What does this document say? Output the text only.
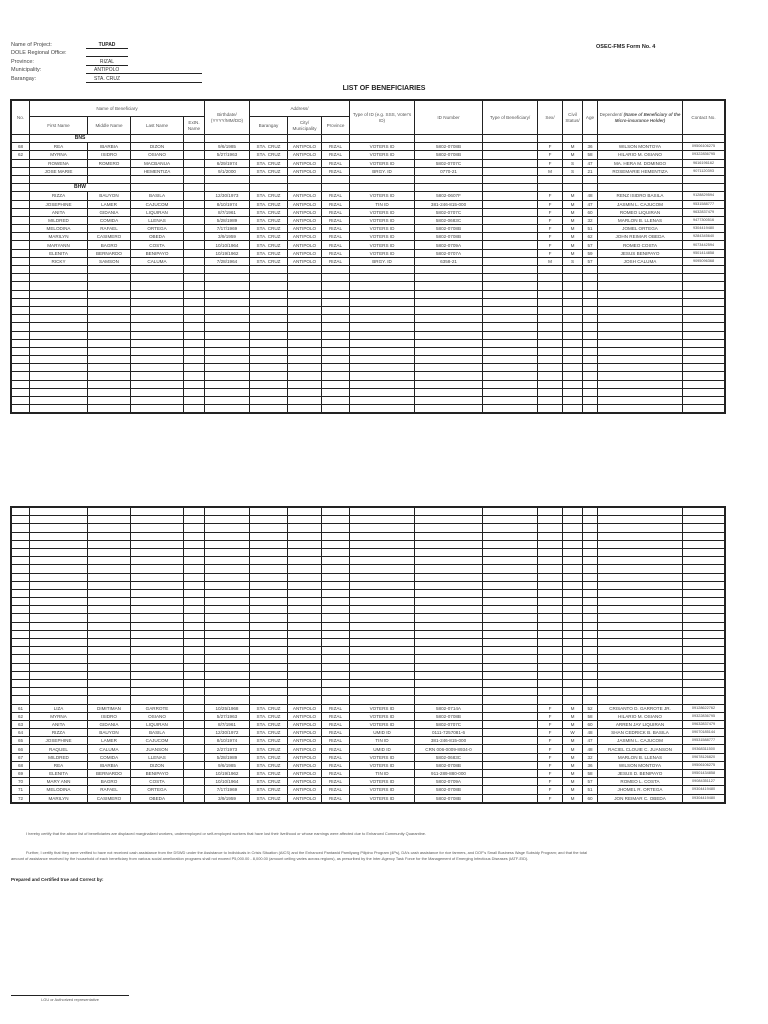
Name of Project:	TUPAD
DOLE Regional Office:
Province:	RIZAL
Municipality:	ANTIPOLO
Barangay:	STA. CRUZ
OSEC-FMS Form No. 4
LIST OF BENEFICIARIES
No.	Name of Beneficiary				Birthdate/ (YYYY/MM/DD)	Address/			Type of ID (e.g. SSS, Voter's ID)	ID Number	Type of Beneficiary/	Sex/	Civil Status/	Age	Dependent/ (Name of Beneficiary of the Micro-insurance Holder)	Contact No.
	First Name	Middle Name	Last Name	ExtN. Name		Barangay	City/ Municipality	Province								
	BNS															
68	REA	IBARBIA	DIZON		9/6/1985	STA. CRUZ	ANTIPOLO	RIZAL	VOTERS ID	5802-0708B		F	M	36	WILSON MONTOYA	09506106275
62	MYRNA	ISIDRO	OSIANO		5/27/1963	STA. CRUZ	ANTIPOLO	RIZAL	VOTERS ID	5802-0708B		F	M	58	HILARIO M. OSIANO	09322836795
	ROWENA	ROMERO	MACBANUA		6/29/1974	STA. CRUZ	ANTIPOLO	RIZAL	VOTERS ID	5802-0707C		F	S	47	MA. HERA M. DOMINGO	9616196162
	JOSE MARIE		HEMENTIZA		9/1/2000	STA. CRUZ	ANTIPOLO	RIZAL	BRGY. ID	0770-21		M	S	21	ROSEMARIE HEMENTIZA	9071120393

	BHW															
	RIZZA	BAUYON	BASILA		12/30/1973	STA. CRUZ	ANTIPOLO	RIZAL	VOTERS ID	5802-0607F		F	M	48	RENZ ISIDRO BASILA	9128829594
	JOSEPHINE	LAMER	CAJUCOM		8/10/1974	STA. CRUZ	ANTIPOLO	RIZAL	TIN ID	381-246-815-000		F	M	47	JASMIN L. CAJUCOM	9531588777
	ANITA	GIDANIA	LIQUIRAN		8/7/1961	STA. CRUZ	ANTIPOLO	RIZAL	VOTERS ID	5802-0707C		F	M	60	ROMEO LIQUIRAN	9632837479
	MILDRED	COMIDA	LLENAS		5/28/1989	STA. CRUZ	ANTIPOLO	RIZAL	VOTERS ID	5802-0683C		F	M	32	MARLON B. LLENAS	9477300516
	MELODINA	RAFAEL	ORTEGA		7/17/1969	STA. CRUZ	ANTIPOLO	RIZAL	VOTERS ID	5802-0708B		F	M	51	JOMEL ORTEGA	9304419480
	MARILYN	CASIMERO	OBEDA		3/9/1959	STA. CRUZ	ANTIPOLO	RIZAL	VOTERS ID	5802-0708B		F	M	62	JOHN REIMAR OBEDA	9284345640
	MARYANN	BAGRO	COSTA		10/10/1964	STA. CRUZ	ANTIPOLO	RIZAL	VOTERS ID	5802-0709A		F	M	57	ROMEO COSTA	9073442594
	ELENITA	BERNARDO	BENIPAYO		10/19/1962	STA. CRUZ	ANTIPOLO	RIZAL	VOTERS ID	5802-0707A		F	M	59	JESUS BENIPAYO	9501414858
	RICKY	SAMSON	CALUMA		7/28/1964	STA. CRUZ	ANTIPOLO	RIZAL	BRGY. ID	6358-21		M	S	57	JOSH CALUMA	9095096368

61	LIZA	DIMITIMAN	GARROTE		10/25/1968	STA. CRUZ	ANTIPOLO	RIZAL	VOTERS ID	5802-0714A		F	M	52	CRISANTO D. GARROTE JR.	09128622762
62	MYRNA	ISIDRO	OSIANO		5/27/1963	STA. CRUZ	ANTIPOLO	RIZAL	VOTERS ID	5802-0708B		F	M	58	HILARIO M. OSIANO	09322836795
63	ANITA	GIDANIA	LIQUIRAN		8/7/1961	STA. CRUZ	ANTIPOLO	RIZAL	VOTERS ID	5802-0707C		F	M	60	ARREN JAY LIQUIRAN	09632837479
64	RIZZA	BAUYON	BASILA		12/30/1972	STA. CRUZ	ANTIPOLO	RIZAL	UMID ID	0111-7257081-6		F	W	48	SHAN CEDRICK B. BASILA	09070185144
65	JOSEPHINE	LAMER	CAJUCOM		8/10/1974	STA. CRUZ	ANTIPOLO	RIZAL	TIN ID	381-246-815-000		F	M	47	JASMIN L. CAJUCOM	09531588777
66	RAQUEL	CALUMA	JUANSON		2/27/1973	STA. CRUZ	ANTIPOLO	RIZAL	UMID ID	CRN 006-0009-8934-0		F	M	48	RACIEL CLOUIE C. JUANSON	09368311500
67	MILDRED	COMIDA	LLENAS		5/28/1989	STA. CRUZ	ANTIPOLO	RIZAL	VOTERS ID	5802-0683C		F	M	32	MARLON B. LLENAS	09678126820
68	REA	IBARBIA	DIZON		9/6/1985	STA. CRUZ	ANTIPOLO	RIZAL	VOTERS ID	5802-0708B		F	M	36	WILSON MONTOYA	09506106275
69	ELENITA	BERNARDO	BENIPAYO		10/19/1962	STA. CRUZ	ANTIPOLO	RIZAL	TIN ID	911-289-880-000		F	M	58	JESUS D. BENIPAYO	09501434858
70	MARY ANN	BAGRO	COSTA		10/10/1964	STA. CRUZ	ANTIPOLO	RIZAL	VOTERS ID	5802-0709A		F	M	57	ROMEO L. COSTA	09084351127
71	MELODINA	RAFAEL	ORTEGA		7/17/1969	STA. CRUZ	ANTIPOLO	RIZAL	VOTERS ID	5802-0708B		F	M	51	JHOMEL R. ORTEGA	09304419480
72	MARILYN	CASIMERO	OBEDA		3/9/1959	STA. CRUZ	ANTIPOLO	RIZAL	VOTERS ID	5802-0708B		F	M	60	JON REIMAR C. OBEDA	09304419480
I hereby certify that the above list of beneficiaries are displaced marginalized workers, underemployed or self-employed workers that have lost their livelihood or whose earnings were affected due to Enhanced Community Quarantine.
Further, I certify that they were verified to have not received cash assistance from the DSWD under the Assistance to Individuals in Crisis Situation (AICS) and the Enhanced Pantawid Pamilyang Pilipino Program (4Ps), DA's cash assistance for rice farmers, and DOF's Small Business Wage Subsidy Program; and that the total
amount of assistance received by the household of each beneficiary from various social amelioration programs shall not exceed P5,000.00 - 8,000.00 (amount ceiling varies across regions), as prescribed by the Inter-Agency Task Force for the Management of Emerging Infectious Diseases (IATF-EID).
Prepared and Certified true and Correct by:
LGU or Authorized representative
